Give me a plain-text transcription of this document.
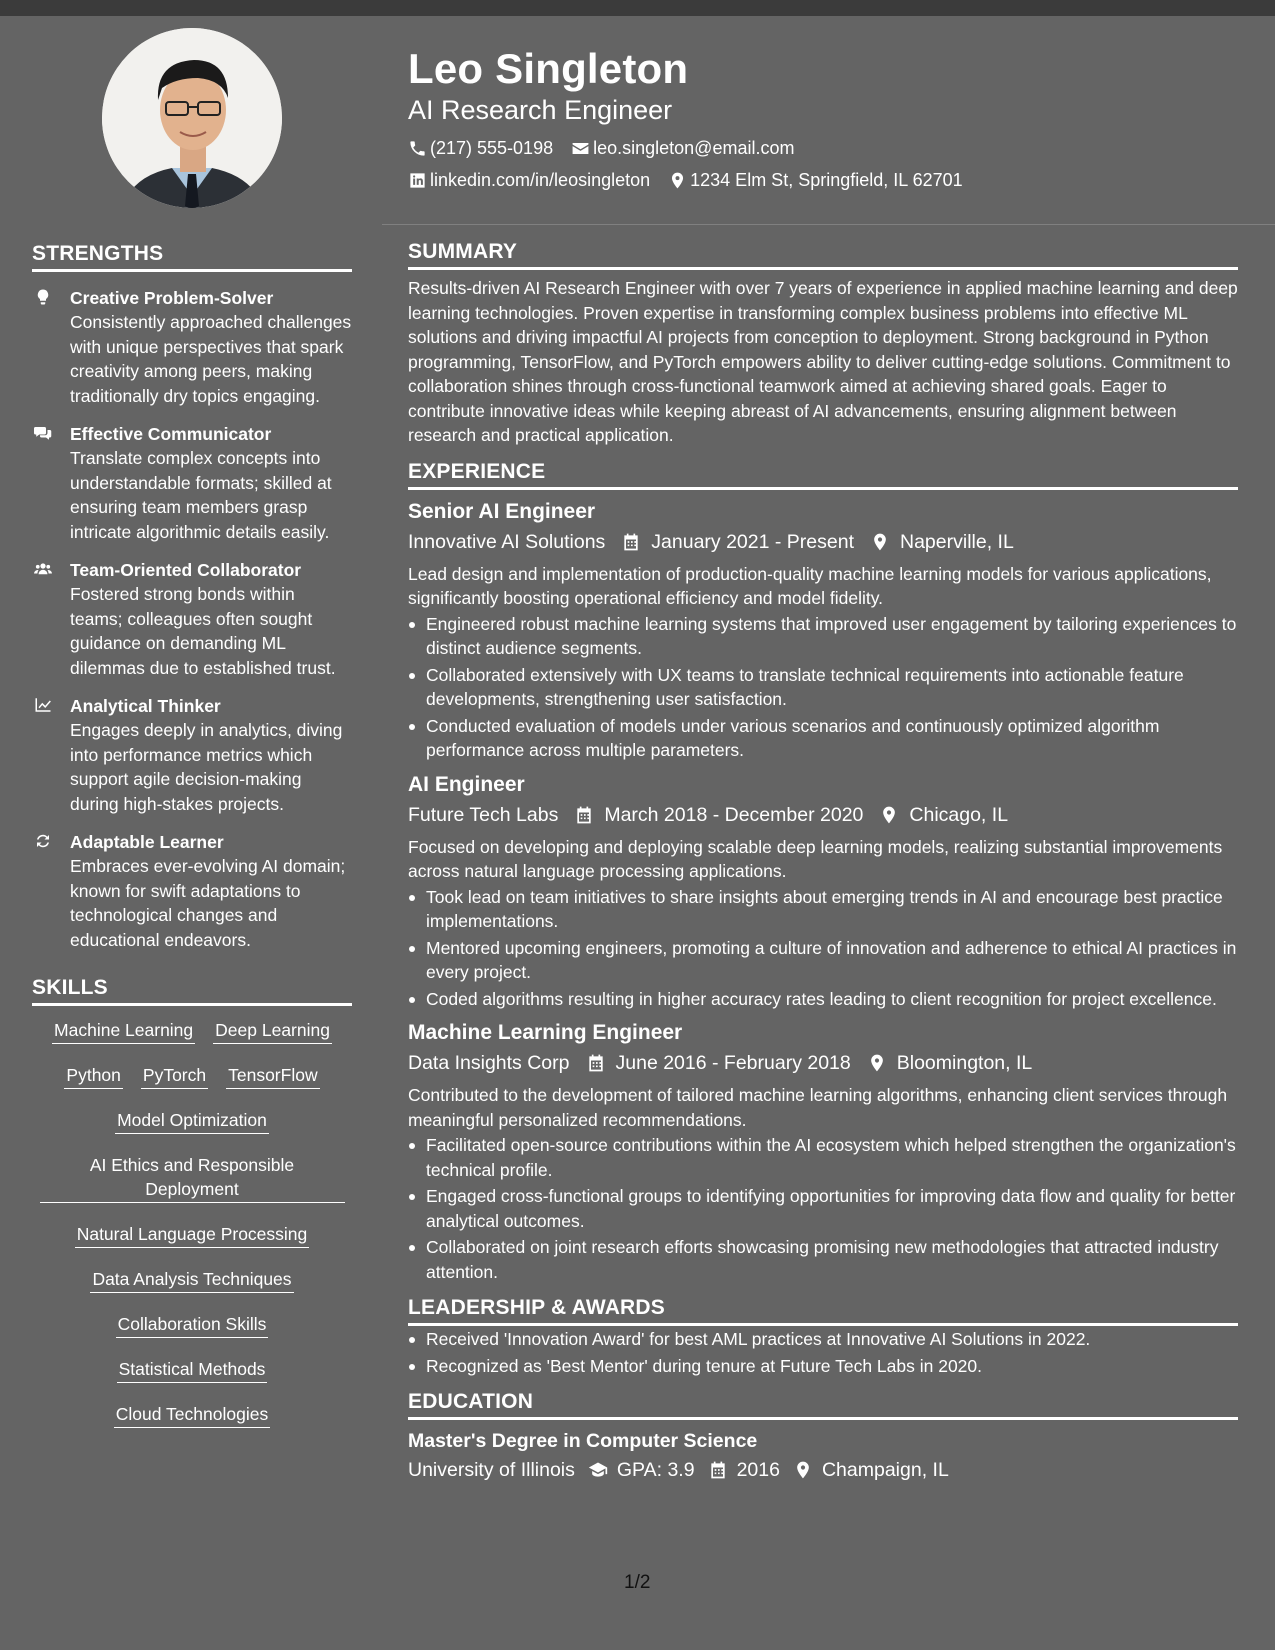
STRENGTHS
Creative Problem-Solver
Consistently approached challenges with unique perspectives that spark creativity among peers, making traditionally dry topics engaging.
Effective Communicator
Translate complex concepts into understandable formats; skilled at ensuring team members grasp intricate algorithmic details easily.
Team-Oriented Collaborator
Fostered strong bonds within teams; colleagues often sought guidance on demanding ML dilemmas due to established trust.
Analytical Thinker
Engages deeply in analytics, diving into performance metrics which support agile decision-making during high-stakes projects.
Adaptable Learner
Embraces ever-evolving AI domain; known for swift adaptations to technological changes and educational endeavors.
SKILLS
Machine Learning Deep Learning
Python PyTorch TensorFlow
Model Optimization
AI Ethics and Responsible Deployment
Natural Language Processing
Data Analysis Techniques
Collaboration Skills
Statistical Methods
Cloud Technologies
Leo Singleton
AI Research Engineer
(217) 555-0198 leo.singleton@email.com
linkedin.com/in/leosingleton 1234 Elm St, Springfield, IL 62701
SUMMARY
Results-driven AI Research Engineer with over 7 years of experience in applied machine learning and deep learning technologies. Proven expertise in transforming complex business problems into effective ML solutions and driving impactful AI projects from conception to deployment. Strong background in Python programming, TensorFlow, and PyTorch empowers ability to deliver cutting-edge solutions. Commitment to collaboration shines through cross-functional teamwork aimed at achieving shared goals. Eager to contribute innovative ideas while keeping abreast of AI advancements, ensuring alignment between research and practical application.
EXPERIENCE
Senior AI Engineer
Innovative AI Solutions January 2021 - Present Naperville, IL
Lead design and implementation of production-quality machine learning models for various applications, significantly boosting operational efficiency and model fidelity.
Engineered robust machine learning systems that improved user engagement by tailoring experiences to distinct audience segments.
Collaborated extensively with UX teams to translate technical requirements into actionable feature developments, strengthening user satisfaction.
Conducted evaluation of models under various scenarios and continuously optimized algorithm performance across multiple parameters.
AI Engineer
Future Tech Labs March 2018 - December 2020 Chicago, IL
Focused on developing and deploying scalable deep learning models, realizing substantial improvements across natural language processing applications.
Took lead on team initiatives to share insights about emerging trends in AI and encourage best practice implementations.
Mentored upcoming engineers, promoting a culture of innovation and adherence to ethical AI practices in every project.
Coded algorithms resulting in higher accuracy rates leading to client recognition for project excellence.
Machine Learning Engineer
Data Insights Corp June 2016 - February 2018 Bloomington, IL
Contributed to the development of tailored machine learning algorithms, enhancing client services through meaningful personalized recommendations.
Facilitated open-source contributions within the AI ecosystem which helped strengthen the organization's technical profile.
Engaged cross-functional groups to identifying opportunities for improving data flow and quality for better analytical outcomes.
Collaborated on joint research efforts showcasing promising new methodologies that attracted industry attention.
LEADERSHIP & AWARDS
Received 'Innovation Award' for best AML practices at Innovative AI Solutions in 2022.
Recognized as 'Best Mentor' during tenure at Future Tech Labs in 2020.
EDUCATION
Master's Degree in Computer Science
University of Illinois GPA: 3.9 2016 Champaign, IL
1/2
